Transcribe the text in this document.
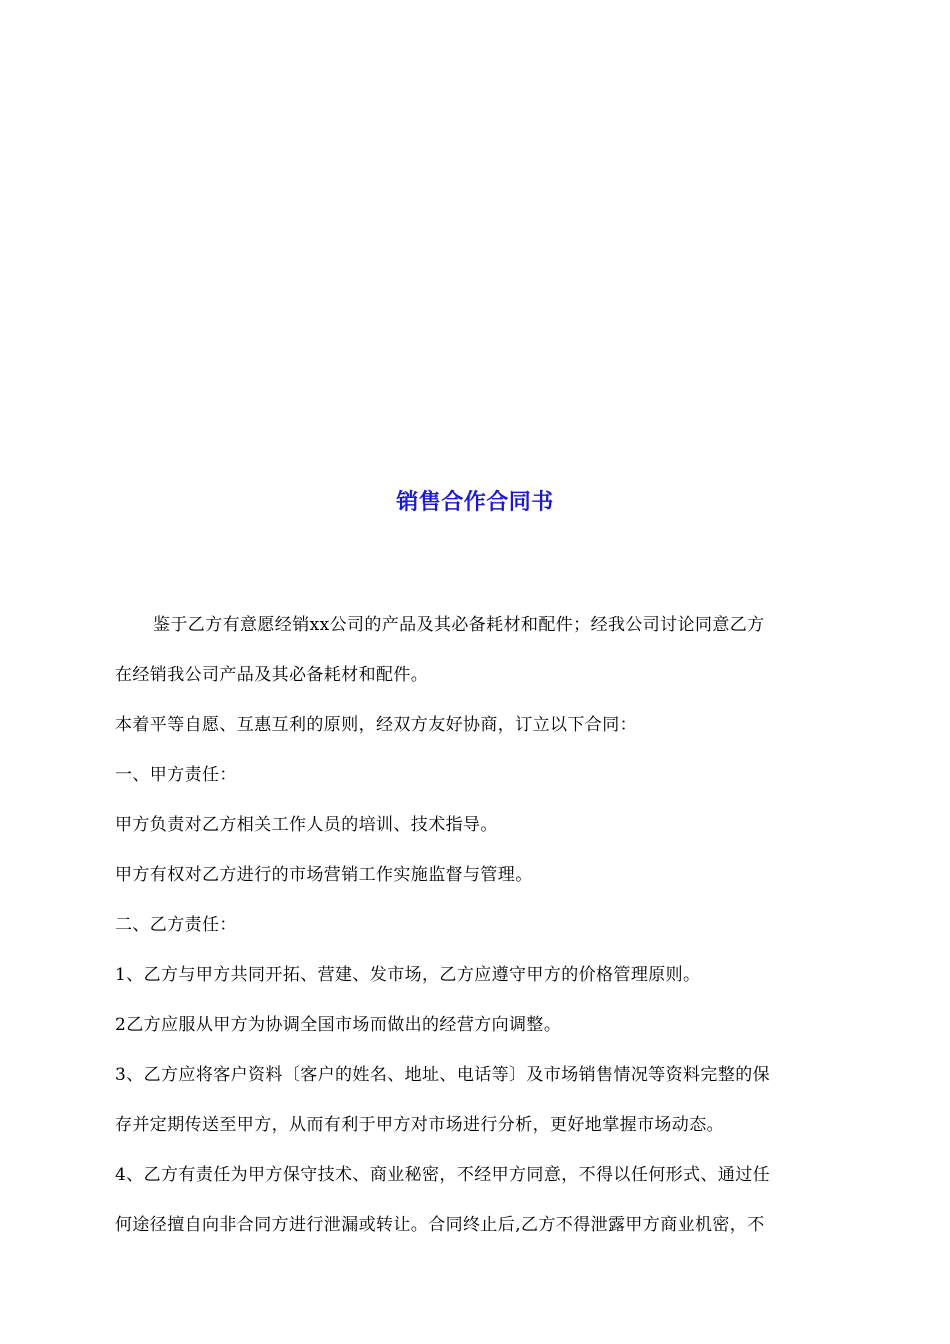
销售合作合同书

鉴于乙方有意愿经销xx公司的产品及其必备耗材和配件；经我公司讨论同意乙方

在经销我公司产品及其必备耗材和配件。

本着平等自愿、互惠互利的原则，经双方友好协商，订立以下合同：

一、甲方责任：

甲方负责对乙方相关工作人员的培训、技术指导。

甲方有权对乙方进行的市场营销工作实施监督与管理。

二、乙方责任：

1、乙方与甲方共同开拓、营建、发市场，乙方应遵守甲方的价格管理原则。

2乙方应服从甲方为协调全国市场而做出的经营方向调整。

3、乙方应将客户资料〔客户的姓名、地址、电话等〕及市场销售情况等资料完整的保

存并定期传送至甲方，从而有利于甲方对市场进行分析，更好地掌握市场动态。

4、乙方有责任为甲方保守技术、商业秘密，不经甲方同意，不得以任何形式、通过任

何途径擅自向非合同方进行泄漏或转让。合同终止后,乙方不得泄露甲方商业机密，不
